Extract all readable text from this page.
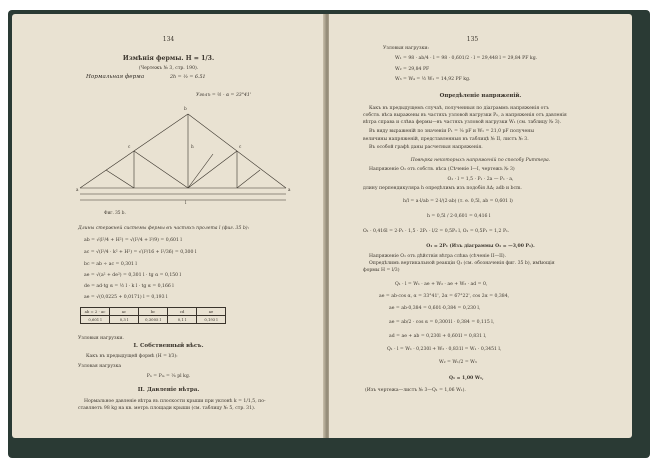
134
Измѣнiя фермы. H = 1/3.
(Чертежъ № 3, стр. 190).
Нормальная ферма	2h = ¹⁄₂ = 6.51
Уголъ = ½ · α = 33°41'
b
a	a
h
c	c
l
Фиг. 35 b.
Длины стержней системы фермы въ частяхъ пролета l (фиг. 35 b):
ab = √(l²/4 + H²) = √(l²/4 + l²/9) = 0,601 l
ac = √(l²/4 · k² + H²) = √(l²/16 + l²/36) = 0,300 l
bc = ab ÷ ac = 0,301 l
ae = √(a² + de²) = 0,301 l · tg α = 0,150 l
de = ad·tg α = ½ l · k l · tg α = 0,166 l
ae = √(0,0225 + 0,0171) l = 0,193 l
ab = 2 · ac	ac	bc	cd	ae
0,601 l	0,3 l	0,3005 l	0,1 l	0,193 l
Узловыя нагрузки.
I. Собственный вѣсъ.
Какъ въ предыдущей формѣ (H = l/3):
Узловая нагрузка
Pₙ = Pₘ = ⅛ pl kg.
II. Давленiе вѣтра.
Нормальное давленiе вѣтра въ плоскости крыши при уклонѣ k = 1/1,5, по-
ставляетъ 98 kg на кв. метръ площади крыши (см. таблицу № 5, стр. 31).
135
Узловыя нагрузки:
W₁ = 98 · ab/4 · l = 98 · 0,601/2 · l = 29,448 l = 29,84 PF kg.
W₂ = 29,84 PF
W₃ = W₄ = ½ W₁ = 14,92 PF kg.
Опредѣленiе напряженiй.
Какъ въ предыдущемъ случаѣ, полученныя по дiаграммъ напряженiя отъ
собств. вѣса выражены въ частяхъ узловой нагрузки Pₙ, а напряженiя отъ давленiя
вѣтра справа и слѣва фермы—въ частяхъ узловой нагрузки W₁ (см. таблицу № 3).
Въ виду выраженiй по значенiи P₁ = ⅛ pF и W₁ = 21,0 pF получены
величины напряженiй, представленныя въ таблицѣ № II, листъ № 3.
Въ особой графѣ даны расчетныя напряженiя.
Повѣрка некоторыхъ напряженiй по способу Риттера.
Напряженiе O₁ отъ собств. вѣса (Сѣченiе I—I, чертежъ № 3)
O₁ · l = 1,5 · P₁ · 2a — P₁ · a,
длину перпендикуляра h опредѣлимъ изъ подобiя Δ∆; adb и bcm.
h/l = a·l/ab = 2·l/(2·ab) (т. е. 0,5l, ab = 0,601 l)
h = 0,5l / 2·0,601 = 0,416 l
O₁ · 0,416l = 2·P₁ · 1,5 · 2P₁ · l/2 = 0,5P₁ l, O₁ = 0,5P₁ = 1,2 P₁.
O₁ = 2P₁ (Изъ дiаграммы O₁ = —3,00 P₁).
Напряженiе O₁ отъ дѣйствiя вѣтра слѣва (сѣченiе II—II).
Опредѣлимъ вертикальной реакцiи Q₁ (см. обозначенiя фиг. 35 b), имѣющiя
формы H = l/3)
Q₁ · l = W₁ · ae + W₂ · ae + W₃ · ad = 0,
ae = ab·cos α, α = 33°41', 2α = 67°22', cos 2α = 0,384,
ae = ab·0,384 = 0,601·0,384 = 0,230 l,
ae = ab/2 · cos α = 0,3001l · 0,384 = 0,115 l,
ad = ae + ab = 0,230l + 0,601l = 0,831 l,
Q₁ · l = W₁ · 0,230l + W₃ · 0,831l = W₁ · 0,3451 l,
W₂ = W₁/2 = W₃
Q₁ = 1,00 W₁,
(Изъ чертежа—листъ № 3—Q₁ = 1,06 W₁).
